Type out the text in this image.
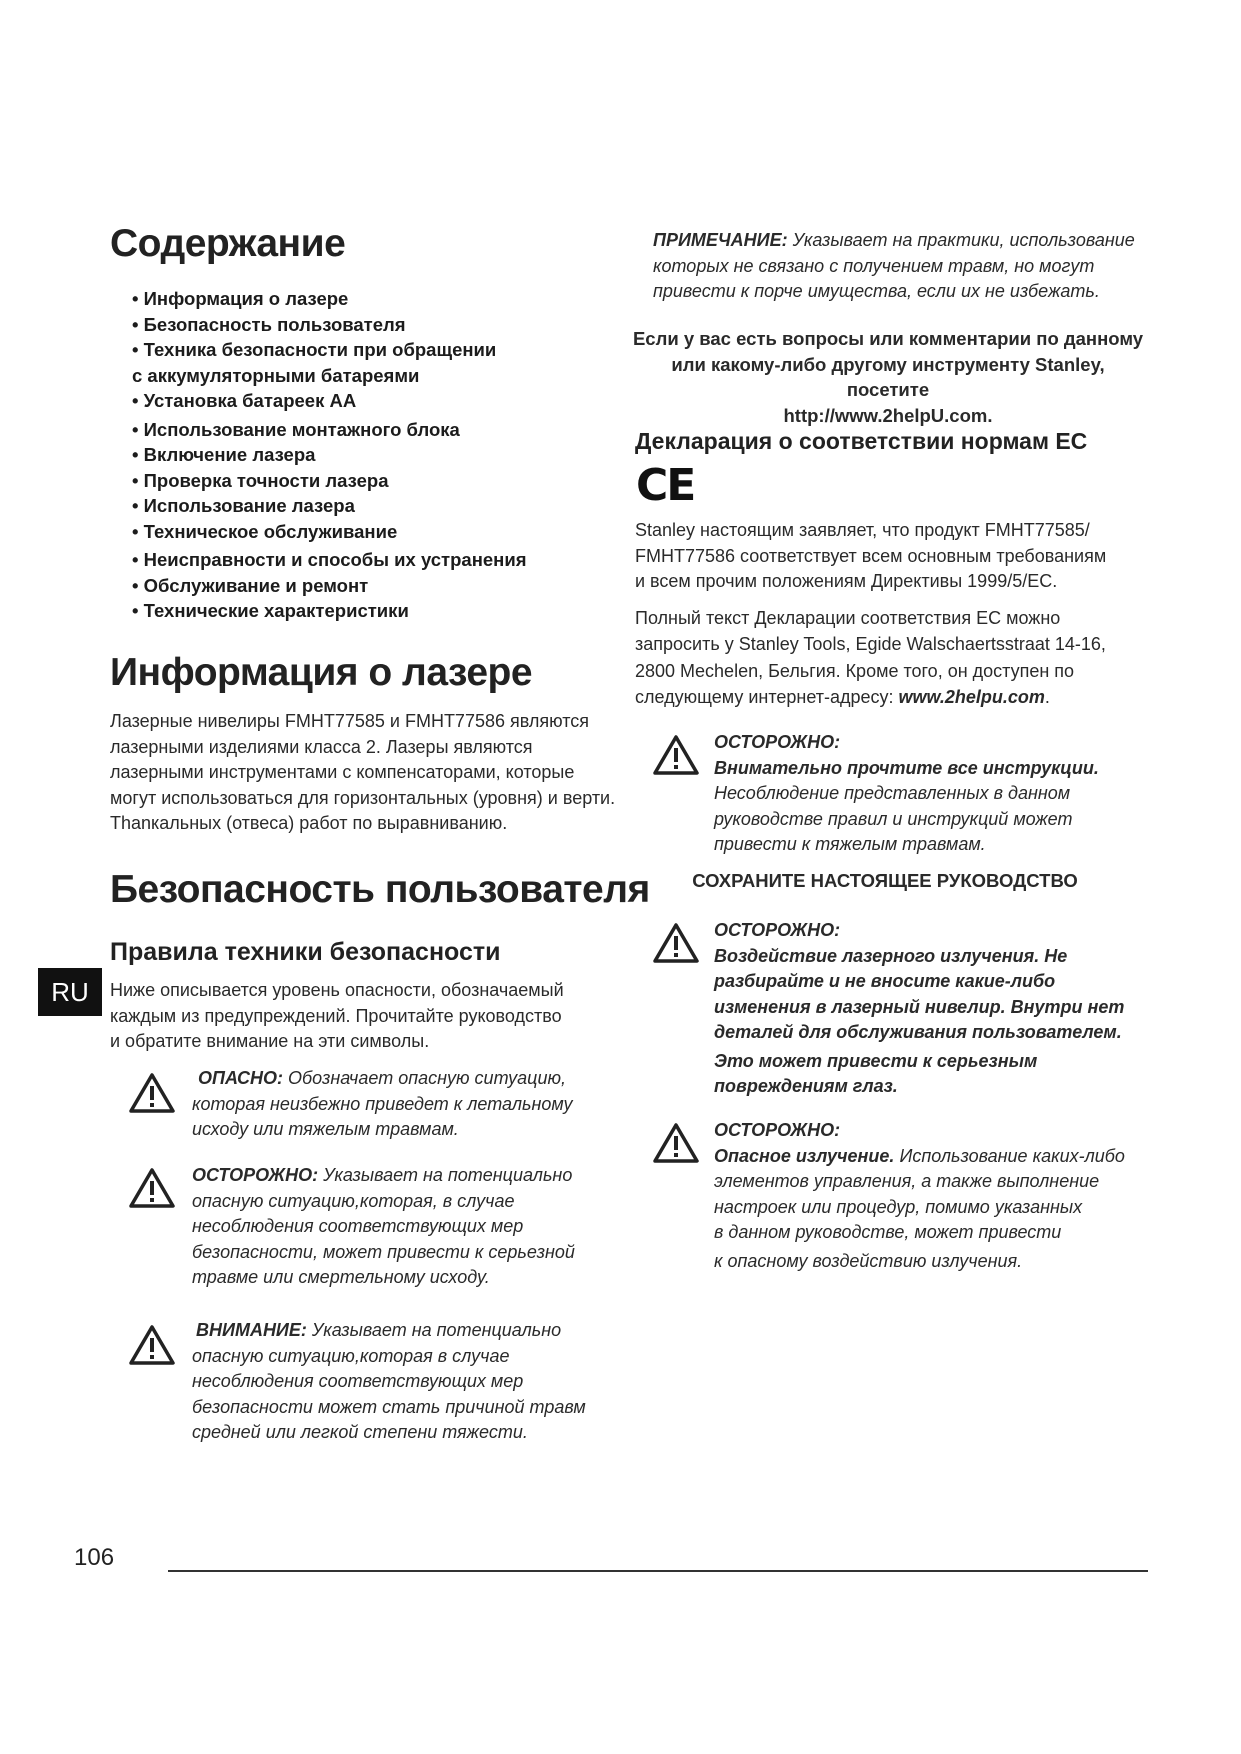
Содержание
• Информация о лазере
• Безопасность пользователя
• Техника безопасности при обращении
с аккумуляторными батареями
• Установка батареек АА
• Использование монтажного блока
• Включение лазера
• Проверка точности лазера
• Использование лазера
• Техническое обслуживание
• Неисправности и способы их устранения
• Обслуживание и ремонт
• Технические характеристики
Информация о лазере
Лазерные нивелиры FMHT77585 и FMHT77586 являются
лазерными изделиями класса 2. Лазеры являются
лазерными инструментами с компенсаторами, которые
могут использоваться для горизонтальных (уровня) и верти.
Thanкальных (отвеса) работ по выравниванию.
Безопасность пользователя
Правила техники безопасности
RU	Ниже описывается уровень опасности, обозначаемый
каждым из предупреждений. Прочитайте руководство
и обратите внимание на эти символы.
ОПАСНО: Обозначает опасную ситуацию,
которая неизбежно приведет к летальному
исходу или тяжелым травмам.
ОСТОРОЖНО: Указывает на потенциально
опасную ситуацию,которая, в случае
несоблюдения соответствующих мер
безопасности, может привести к серьезной
травме или смертельному исходу.
ВНИМАНИЕ: Указывает на потенциально
опасную ситуацию,которая в случае
несоблюдения соответствующих мер
безопасности может стать причиной травм
средней или легкой степени тяжести.
ПРИМЕЧАНИЕ: Указывает на практики, использование
которых не связано с получением травм, но могут
привести к порче имущества, если их не избежать.
Если у вас есть вопросы или комментарии по данному
или какому-либо другому инструменту Stanley, посетите
http://www.2helpU.com.
Декларация о соответствии нормам ЕС
CE
Stanley настоящим заявляет, что продукт FMHT77585/
FMHT77586 соответствует всем основным требованиям
и всем прочим положениям Директивы 1999/5/ЕС.
Полный текст Декларации соответствия ЕС можно
запросить у Stanley Tools, Egide Walschaertsstraat 14-16,
2800 Mechelen, Бельгия. Кроме того, он доступен по
следующему интернет-адресу: www.2helpu.com.
ОСТОРОЖНО:
Внимательно прочтите все инструкции.
Несоблюдение представленных в данном
руководстве правил и инструкций может
привести к тяжелым травмам.
СОХРАНИТЕ НАСТОЯЩЕЕ РУКОВОДСТВО
ОСТОРОЖНО:
Воздействие лазерного излучения. Не
разбирайте и не вносите какие-либо
изменения в лазерный нивелир. Внутри нет
деталей для обслуживания пользователем.
Это может привести к серьезным
повреждениям глаз.
ОСТОРОЖНО:
Опасное излучение. Использование каких-либо
элементов управления, а также выполнение
настроек или процедур, помимо указанных
в данном руководстве, может привести
к опасному воздействию излучения.
106
